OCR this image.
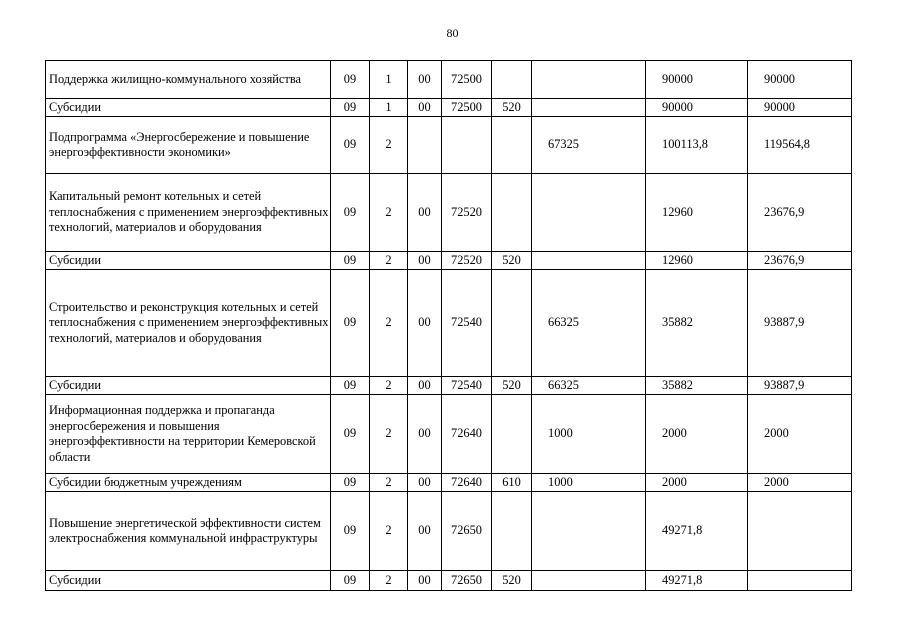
80
Поддержка жилищно-коммунального хозяйства	09	1	00	72500			90000	90000
Субсидии	09	1	00	72500	520		90000	90000
Подпрограмма «Энергосбережение и повышение энергоэффективности экономики»	09	2				67325	100113,8	119564,8
Капитальный ремонт котельных и сетей теплоснабжения с применением энергоэффективных технологий, материалов и оборудования	09	2	00	72520			12960	23676,9
Субсидии	09	2	00	72520	520		12960	23676,9
Строительство и реконструкция котельных и сетей теплоснабжения с применением энергоэффективных технологий, материалов и оборудования	09	2	00	72540		66325	35882	93887,9
Субсидии	09	2	00	72540	520	66325	35882	93887,9
Информационная поддержка и пропаганда энергосбережения и повышения энергоэффективности на территории Кемеровской области	09	2	00	72640		1000	2000	2000
Субсидии бюджетным учреждениям	09	2	00	72640	610	1000	2000	2000
Повышение энергетической эффективности систем электроснабжения коммунальной инфраструктуры	09	2	00	72650			49271,8	
Субсидии	09	2	00	72650	520		49271,8	
